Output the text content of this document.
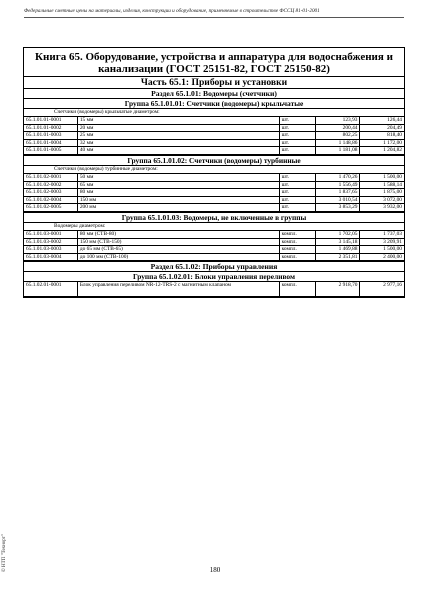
Федеральные сметные цены на материалы, изделия, конструкции и оборудование, применяемые в строительстве ФССЦ 81-01-2001
Книга 65. Оборудование, устройства и аппаратура для водоснабжения и канализации (ГОСТ 25151-82, ГОСТ 25150-82)
Часть 65.1: Приборы и установки
Раздел 65.1.01: Водомеры (счетчики)
Группа 65.1.01.01: Счетчики (водомеры) крыльчатые
Счетчики (водомеры) крыльчатые диаметром:
65.1.01.01-0001	15 мм	шт.	123,93	126,44
65.1.01.01-0002	20 мм	шт.	200,44	204,49
65.1.01.01-0003	25 мм	шт.	802,25	818,40
65.1.01.01-0004	32 мм	шт.	1 148,86	1 172,00
65.1.01.01-0005	40 мм	шт.	1 181,08	1 204,82
Группа 65.1.01.02: Счетчики (водомеры) турбинные
Счетчики (водомеры) турбинные диаметром:
65.1.01.02-0001	50 мм	шт.	1 470,26	1 500,00
65.1.01.02-0002	65 мм	шт.	1 556,49	1 588,14
65.1.01.02-0003	80 мм	шт.	1 837,65	1 875,00
65.1.01.02-0004	150 мм	шт.	3 010,54	3 072,00
65.1.01.02-0005	200 мм	шт.	3 853,29	3 932,00
Группа 65.1.01.03: Водомеры, не включенные в группы
Водомеры диаметром:
65.1.01.03-0001	80 мм (СТВ-80)	компл.	1 702,05	1 737,03
65.1.01.03-0002	150 мм (СТВ-150)	компл.	3 145,18	3 209,91
65.1.01.03-0003	до 65 мм (СТВ-65)	компл.	1 469,88	1 500,00
65.1.01.03-0004	до 100 мм (СТВ-100)	компл.	2 351,81	2 400,00
Раздел 65.1.02: Приборы управления
Группа 65.1.02.01: Блоки управления переливом
65.1.02.01-0001	Блок управления переливом NR-12-TRS-2 с магнитным клапаном	компл.	2 918,70	2 977,16
180
© НТП "Технорт"
